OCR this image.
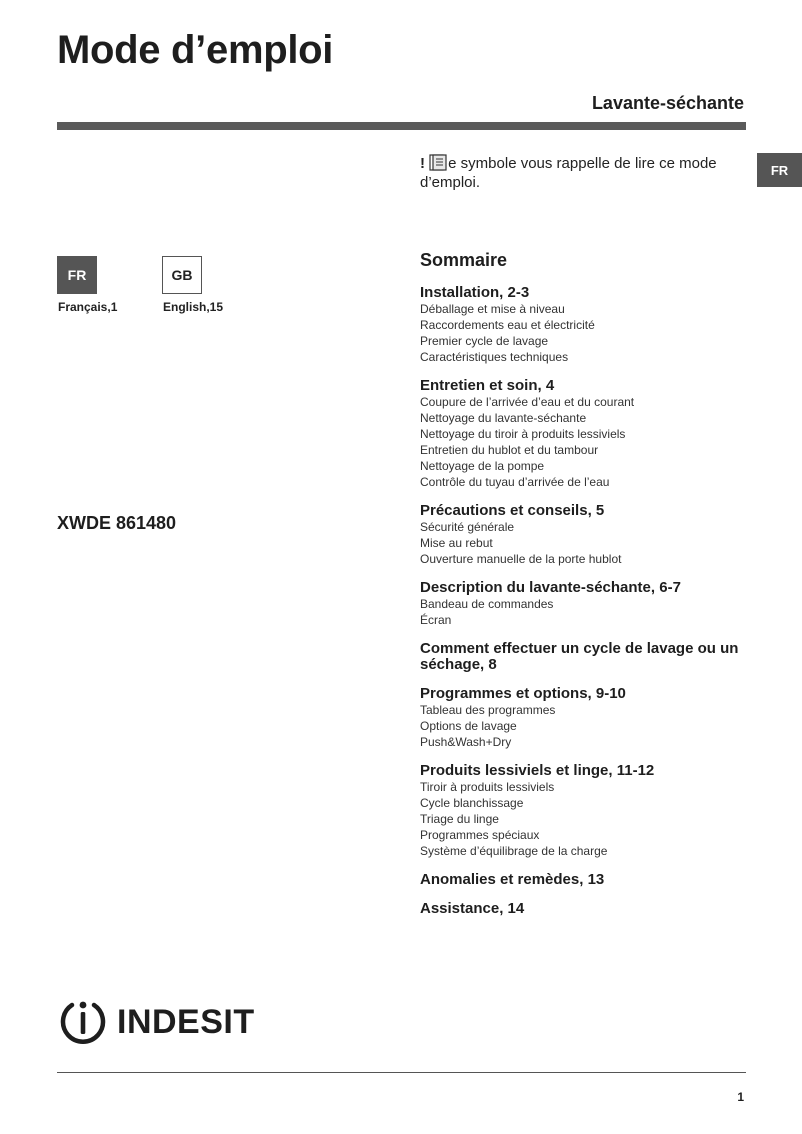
Mode d’emploi
Lavante-séchante
FR
! e symbole vous rappelle de lire ce mode d’emploi.
FR	GB
Français,1	English,15
XWDE 861480
Sommaire
Installation, 2-3
Déballage et mise à niveau
Raccordements eau et électricité
Premier cycle de lavage
Caractéristiques techniques
Entretien et soin, 4
Coupure de l’arrivée d’eau et du courant
Nettoyage du lavante-séchante
Nettoyage du tiroir à produits lessiviels
Entretien du hublot et du tambour
Nettoyage de la pompe
Contrôle du tuyau d’arrivée de l’eau
Précautions et conseils, 5
Sécurité générale
Mise au rebut
Ouverture manuelle de la porte hublot
Description du lavante-séchante, 6-7
Bandeau de commandes
Écran
Comment effectuer un cycle de lavage ou un séchage, 8
Programmes et options, 9-10
Tableau des programmes
Options de lavage
Push&Wash+Dry
Produits lessiviels et linge, 11-12
Tiroir à produits lessiviels
Cycle blanchissage
Triage du linge
Programmes spéciaux
Système d’équilibrage de la charge
Anomalies et remèdes, 13
Assistance, 14
INDESIT
1
